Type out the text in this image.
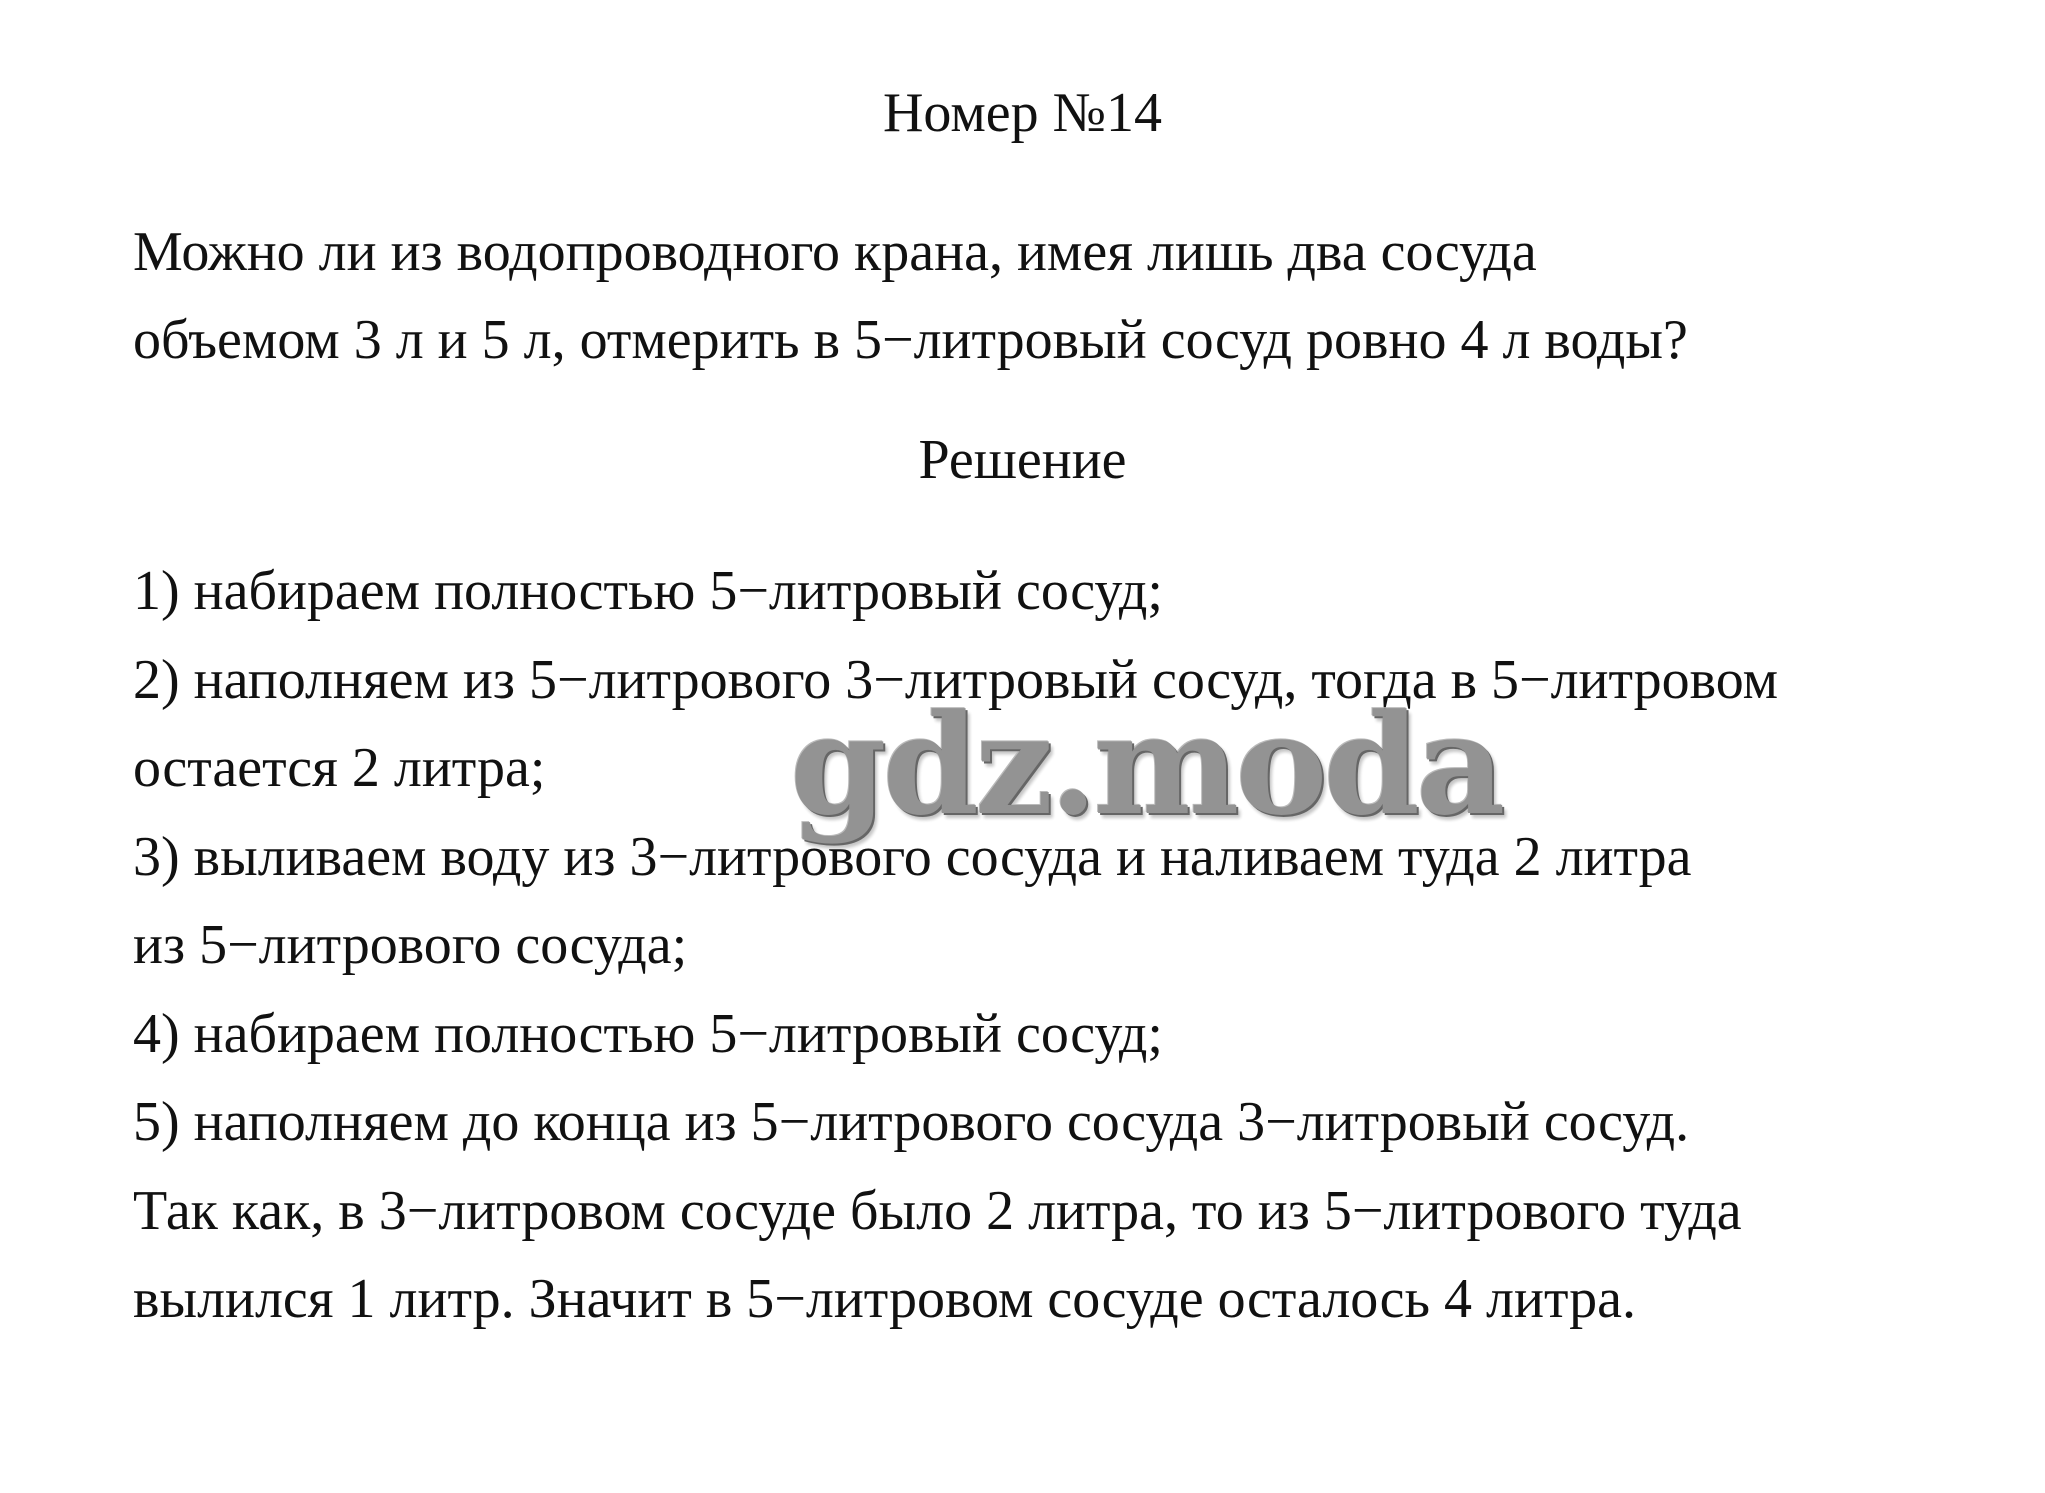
Номер №14
Можно ли из водопроводного крана, имея лишь два сосуда
объемом 3 л и 5 л, отмерить в 5−литровый сосуд ровно 4 л воды?
Решение
1) набираем полностью 5−литровый сосуд;
2) наполняем из 5−литрового 3−литровый сосуд, тогда в 5−литровом
остается 2 литра;
3) выливаем воду из 3−литрового сосуда и наливаем туда 2 литра
из 5−литрового сосуда;
4) набираем полностью 5−литровый сосуд;
5) наполняем до конца из 5−литрового сосуда 3−литровый сосуд.
Так как, в 3−литровом сосуде было 2 литра, то из 5−литрового туда
вылился 1 литр. Значит в 5−литровом сосуде осталось 4 литра.
gdz.moda
